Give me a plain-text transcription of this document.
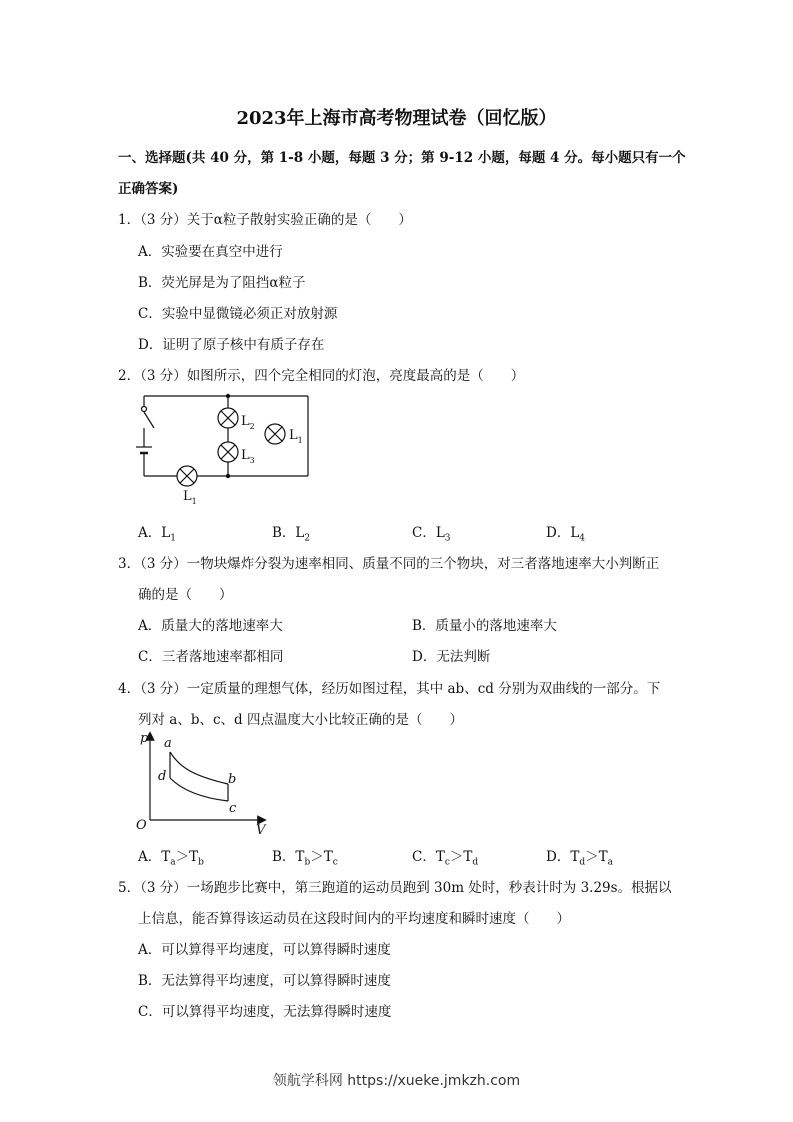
2023年上海市高考物理试卷（回忆版）
一、选择题(共 40 分，第 1-8 小题，每题 3 分；第 9-12 小题，每题 4 分。每小题只有一个
正确答案)
1．（3 分）关于α粒子散射实验正确的是（　　）
A．实验要在真空中进行
B．荧光屏是为了阻挡α粒子
C．实验中显微镜必须正对放射源
D．证明了原子核中有质子存在
2．（3 分）如图所示，四个完全相同的灯泡，亮度最高的是（　　）
$L_2$
$L_3$
$L_1$
$L_1$
A．$L_1$	B．$L_2$	C．$L_3$	D．$L_4$
3．（3 分）一物块爆炸分裂为速率相同、质量不同的三个物块，对三者落地速率大小判断正
确的是（　　）
A．质量大的落地速率大	B．质量小的落地速率大
C．三者落地速率都相同	D．无法判断
4．（3 分）一定质量的理想气体，经历如图过程，其中 ab、cd 分别为双曲线的一部分。下
列对 a、b、c、d 四点温度大小比较正确的是（　　）
p
V
O
a
b
c
d
A．$T_a>T_b$	B．$T_b>T_c$	C．$T_c>T_d$	D．$T_d>T_a$
5．（3 分）一场跑步比赛中，第三跑道的运动员跑到 30m 处时，秒表计时为 3.29s。根据以
上信息，能否算得该运动员在这段时间内的平均速度和瞬时速度（　　）
A．可以算得平均速度，可以算得瞬时速度
B．无法算得平均速度，可以算得瞬时速度
C．可以算得平均速度，无法算得瞬时速度
领航学科网 https://xueke.jmkzh.com
